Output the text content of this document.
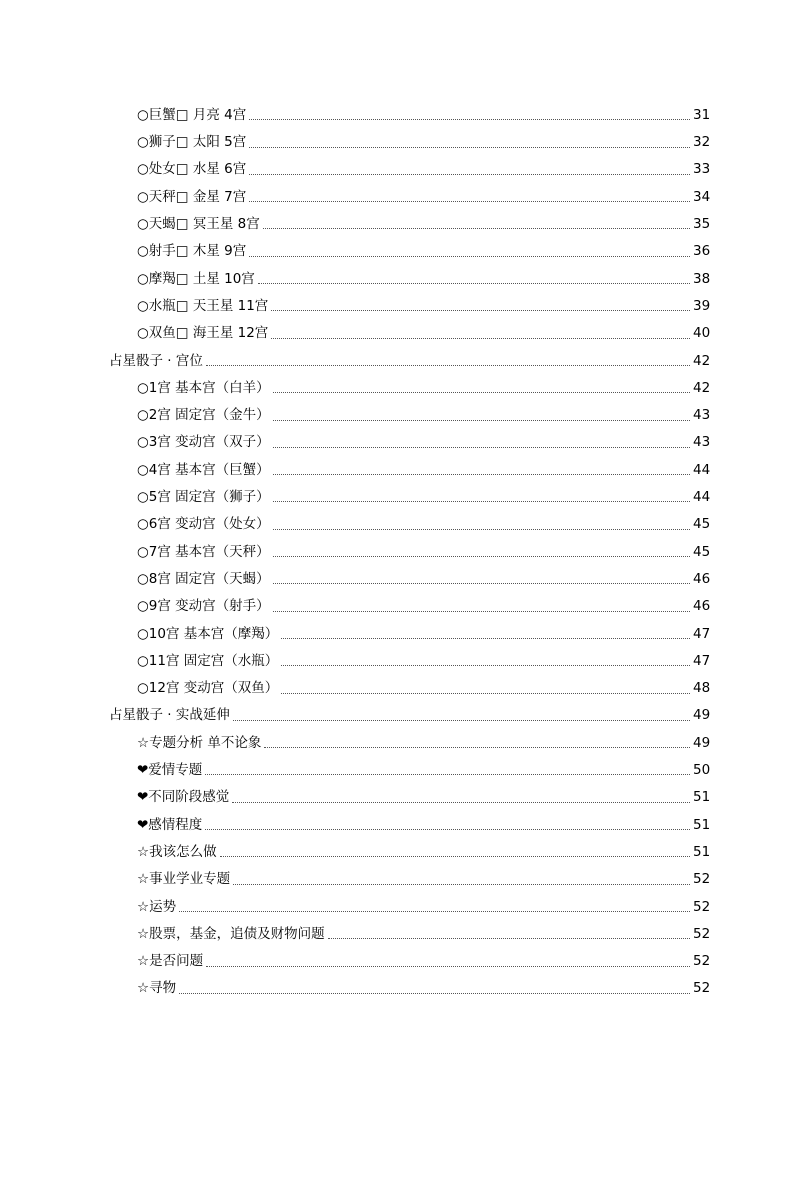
○巨蟹□ 月亮 4宫	31
○狮子□ 太阳 5宫	32
○处女□ 水星 6宫	33
○天秤□ 金星 7宫	34
○天蝎□ 冥王星 8宫	35
○射手□ 木星 9宫	36
○摩羯□ 土星 10宫	38
○水瓶□ 天王星 11宫	39
○双鱼□ 海王星 12宫	40
占星骰子 · 宫位	42
○1宫 基本宫（白羊）	42
○2宫 固定宫（金牛）	43
○3宫 变动宫（双子）	43
○4宫 基本宫（巨蟹）	44
○5宫 固定宫（狮子）	44
○6宫 变动宫（处女）	45
○7宫 基本宫（天秤）	45
○8宫 固定宫（天蝎）	46
○9宫 变动宫（射手）	46
○10宫 基本宫（摩羯）	47
○11宫 固定宫（水瓶）	47
○12宫 变动宫（双鱼）	48
占星骰子 · 实战延伸	49
☆专题分析 单不论象	49
❤爱情专题	50
❤不同阶段感觉	51
❤感情程度	51
☆我该怎么做	51
☆事业学业专题	52
☆运势	52
☆股票，基金，追债及财物问题	52
☆是否问题	52
☆寻物	52
